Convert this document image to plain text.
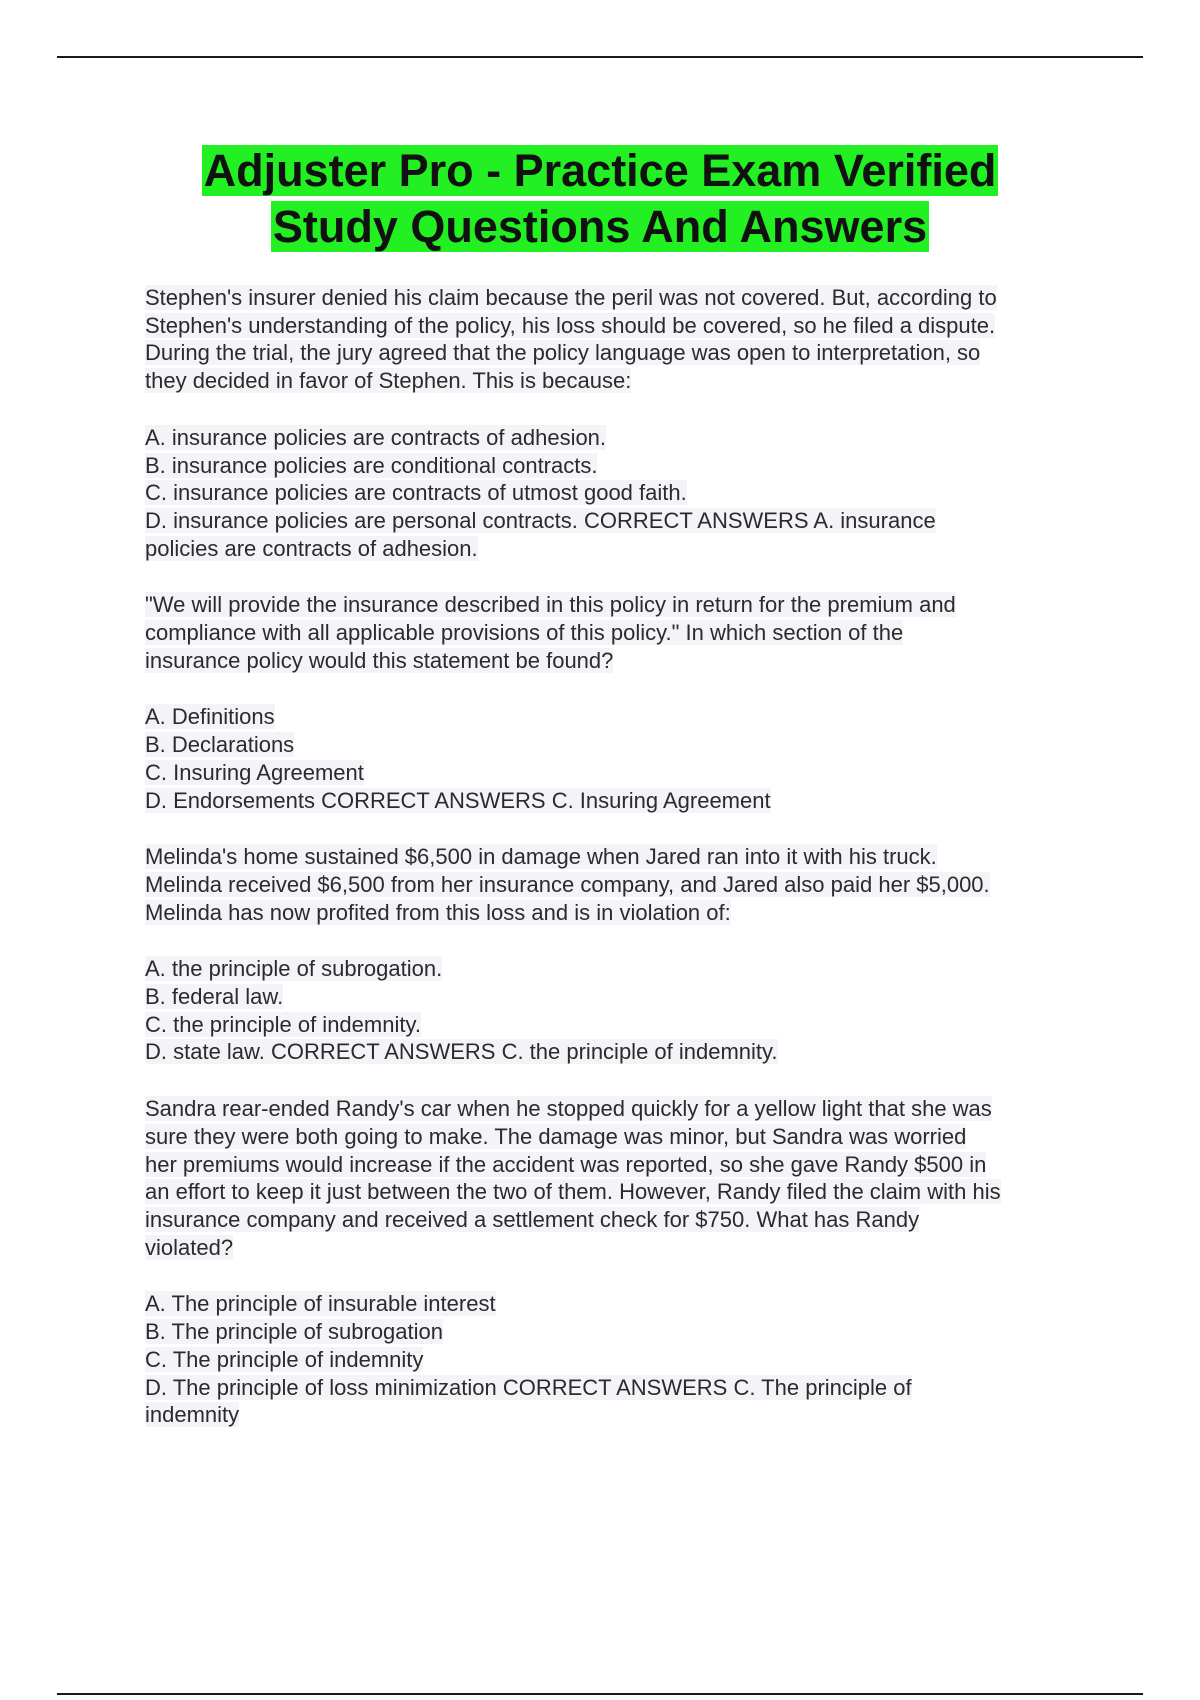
Adjuster Pro - Practice Exam Verified
Study Questions And Answers

Stephen's insurer denied his claim because the peril was not covered. But, according to

Stephen's understanding of the policy, his loss should be covered, so he filed a dispute.

During the trial, the jury agreed that the policy language was open to interpretation, so

they decided in favor of Stephen. This is because:

A. insurance policies are contracts of adhesion.

B. insurance policies are conditional contracts.

C. insurance policies are contracts of utmost good faith.

D. insurance policies are personal contracts. CORRECT ANSWERS A. insurance

policies are contracts of adhesion.

"We will provide the insurance described in this policy in return for the premium and

compliance with all applicable provisions of this policy." In which section of the

insurance policy would this statement be found?

A. Definitions

B. Declarations

C. Insuring Agreement

D. Endorsements CORRECT ANSWERS C. Insuring Agreement

Melinda's home sustained $6,500 in damage when Jared ran into it with his truck.

Melinda received $6,500 from her insurance company, and Jared also paid her $5,000.

Melinda has now profited from this loss and is in violation of:

A. the principle of subrogation.

B. federal law.

C. the principle of indemnity.

D. state law. CORRECT ANSWERS C. the principle of indemnity.

Sandra rear-ended Randy's car when he stopped quickly for a yellow light that she was

sure they were both going to make. The damage was minor, but Sandra was worried

her premiums would increase if the accident was reported, so she gave Randy $500 in

an effort to keep it just between the two of them. However, Randy filed the claim with his

insurance company and received a settlement check for $750. What has Randy

violated?

A. The principle of insurable interest

B. The principle of subrogation

C. The principle of indemnity

D. The principle of loss minimization CORRECT ANSWERS C. The principle of

indemnity
